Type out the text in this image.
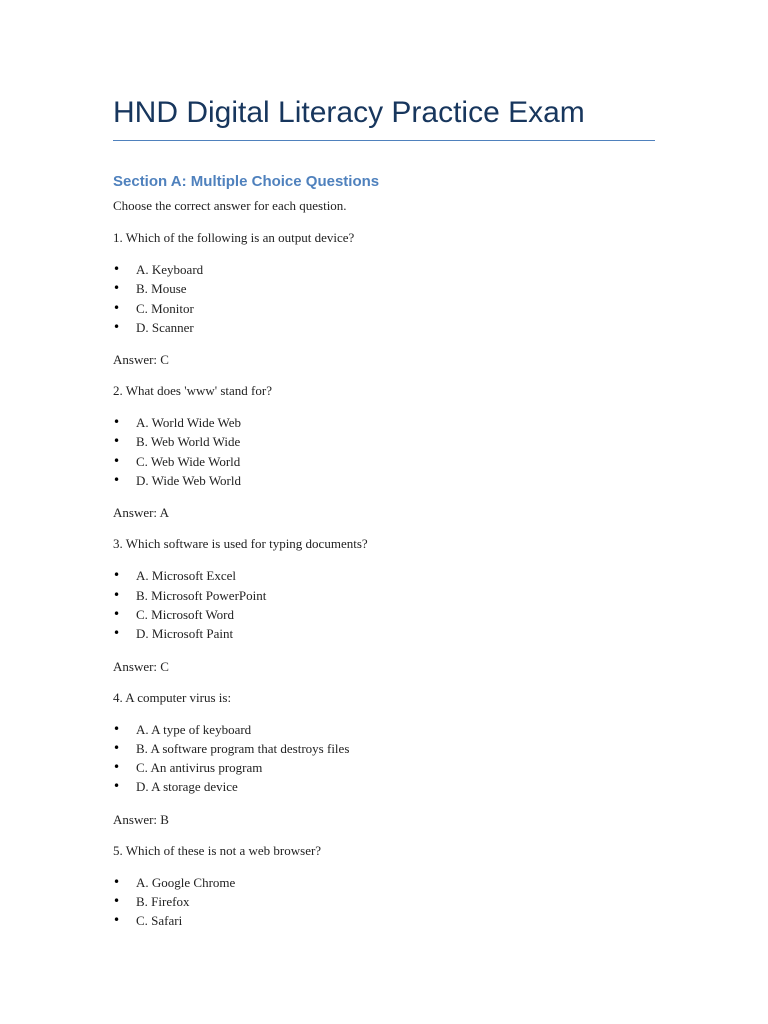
HND Digital Literacy Practice Exam
Section A: Multiple Choice Questions

Choose the correct answer for each question.

1. Which of the following is an output device?

• A. Keyboard
• B. Mouse
• C. Monitor
• D. Scanner

Answer: C

2. What does 'www' stand for?

• A. World Wide Web
• B. Web World Wide
• C. Web Wide World
• D. Wide Web World

Answer: A

3. Which software is used for typing documents?

• A. Microsoft Excel
• B. Microsoft PowerPoint
• C. Microsoft Word
• D. Microsoft Paint

Answer: C

4. A computer virus is:

• A. A type of keyboard
• B. A software program that destroys files
• C. An antivirus program
• D. A storage device

Answer: B

5. Which of these is not a web browser?

• A. Google Chrome
• B. Firefox
• C. Safari
